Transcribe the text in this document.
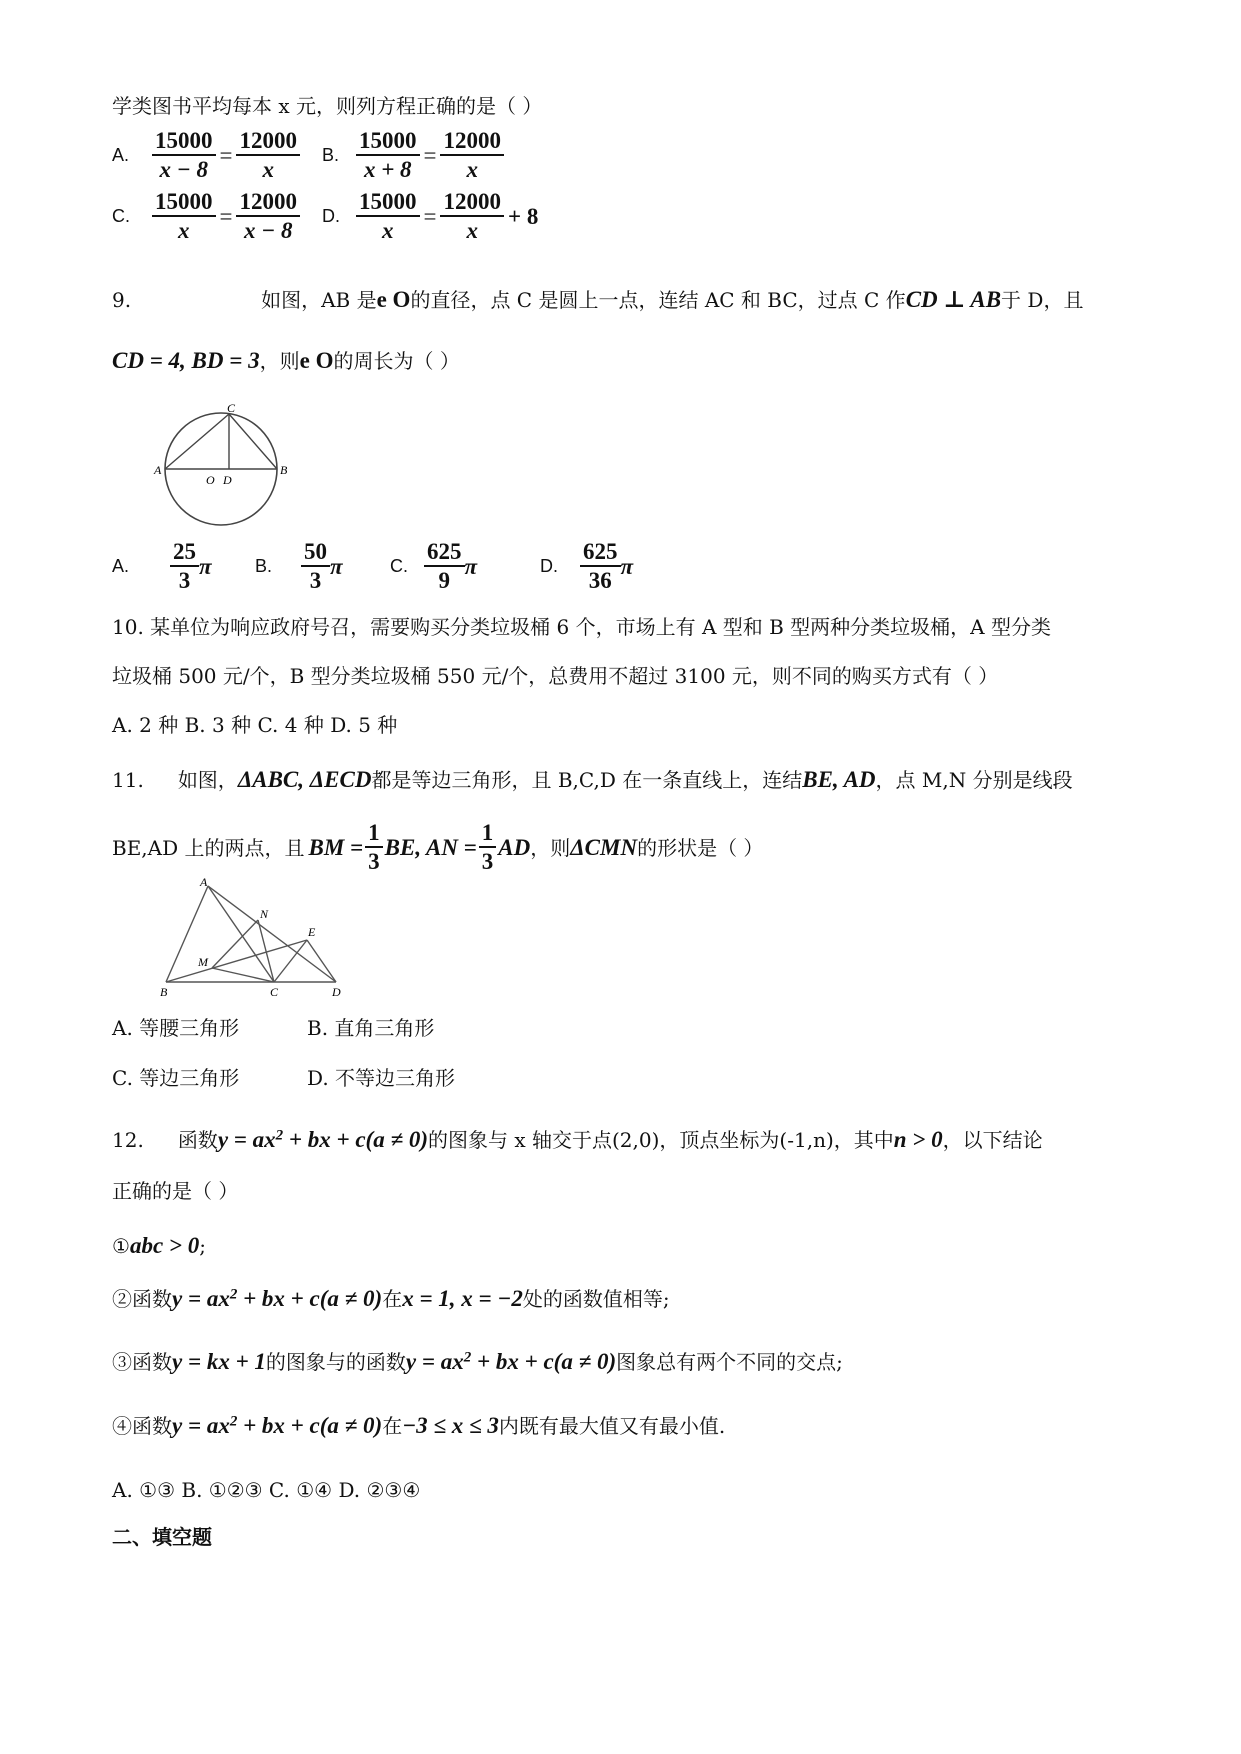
学类图书平均每本 x 元，则列方程正确的是（ ）
A. $\frac{15000}{x - 8} = \frac{12000}{x} B$. $\frac{15000}{x + 8} = \frac{12000}{x}$
C. $\frac{15000}{x} = \frac{12000}{x - 8} D$. $\frac{15000}{x} = \frac{12000}{x} + 8$
9.	如图，AB 是e O的直径，点 C 是圆上一点，连结 AC 和 BC，过点 C 作CD ⊥ AB于 D，且
CD = 4, BD = 3，则e O的周长为（ ）
A	B
C
O D
A.	$\frac{25}{3}$ π B.	$\frac{50}{3}$ π	C. $\frac{625}{9}$ π	D. $\frac{625}{36}$ π
10. 某单位为响应政府号召，需要购买分类垃圾桶 6 个，市场上有 A 型和 B 型两种分类垃圾桶，A 型分类
垃圾桶 500 元/个，B 型分类垃圾桶 550 元/个，总费用不超过 3100 元，则不同的购买方式有（ ）
A. 2 种 B. 3 种 C. 4 种 D. 5 种
11. 如图，ΔABC, ΔECD都是等边三角形，且 B,C,D 在一条直线上，连结BE, AD，点 M,N 分别是线段
BE,AD 上的两点，且 BM = $\frac{1}{3}$ BE, AN = $\frac{1}{3}$ AD ，则 ΔCMN 的形状是（ ）
A
N
E
M
B	C	D
A. 等腰三角形	B. 直角三角形
C. 等边三角形	D. 不等边三角形
12. 函数$y = ax^2$ + bx + c(a ≠ 0)的图象与 x 轴交于点(2,0)，顶点坐标为(-1,n)，其中n > 0，以下结论
正确的是（ ）
①abc > 0;
②函数$y = ax^2$ + bx + c(a ≠ 0)在x = 1, x = −2处的函数值相等;
③函数y = kx + 1的图象与的函数$y = ax^2$ + bx + c(a ≠ 0)图象总有两个不同的交点;
④函数$y = ax^2$ + bx + c(a ≠ 0)在−3 ≤ x ≤ 3内既有最大值又有最小值.
A. ①③ B. ①②③ C. ①④ D. ②③④
二、填空题
